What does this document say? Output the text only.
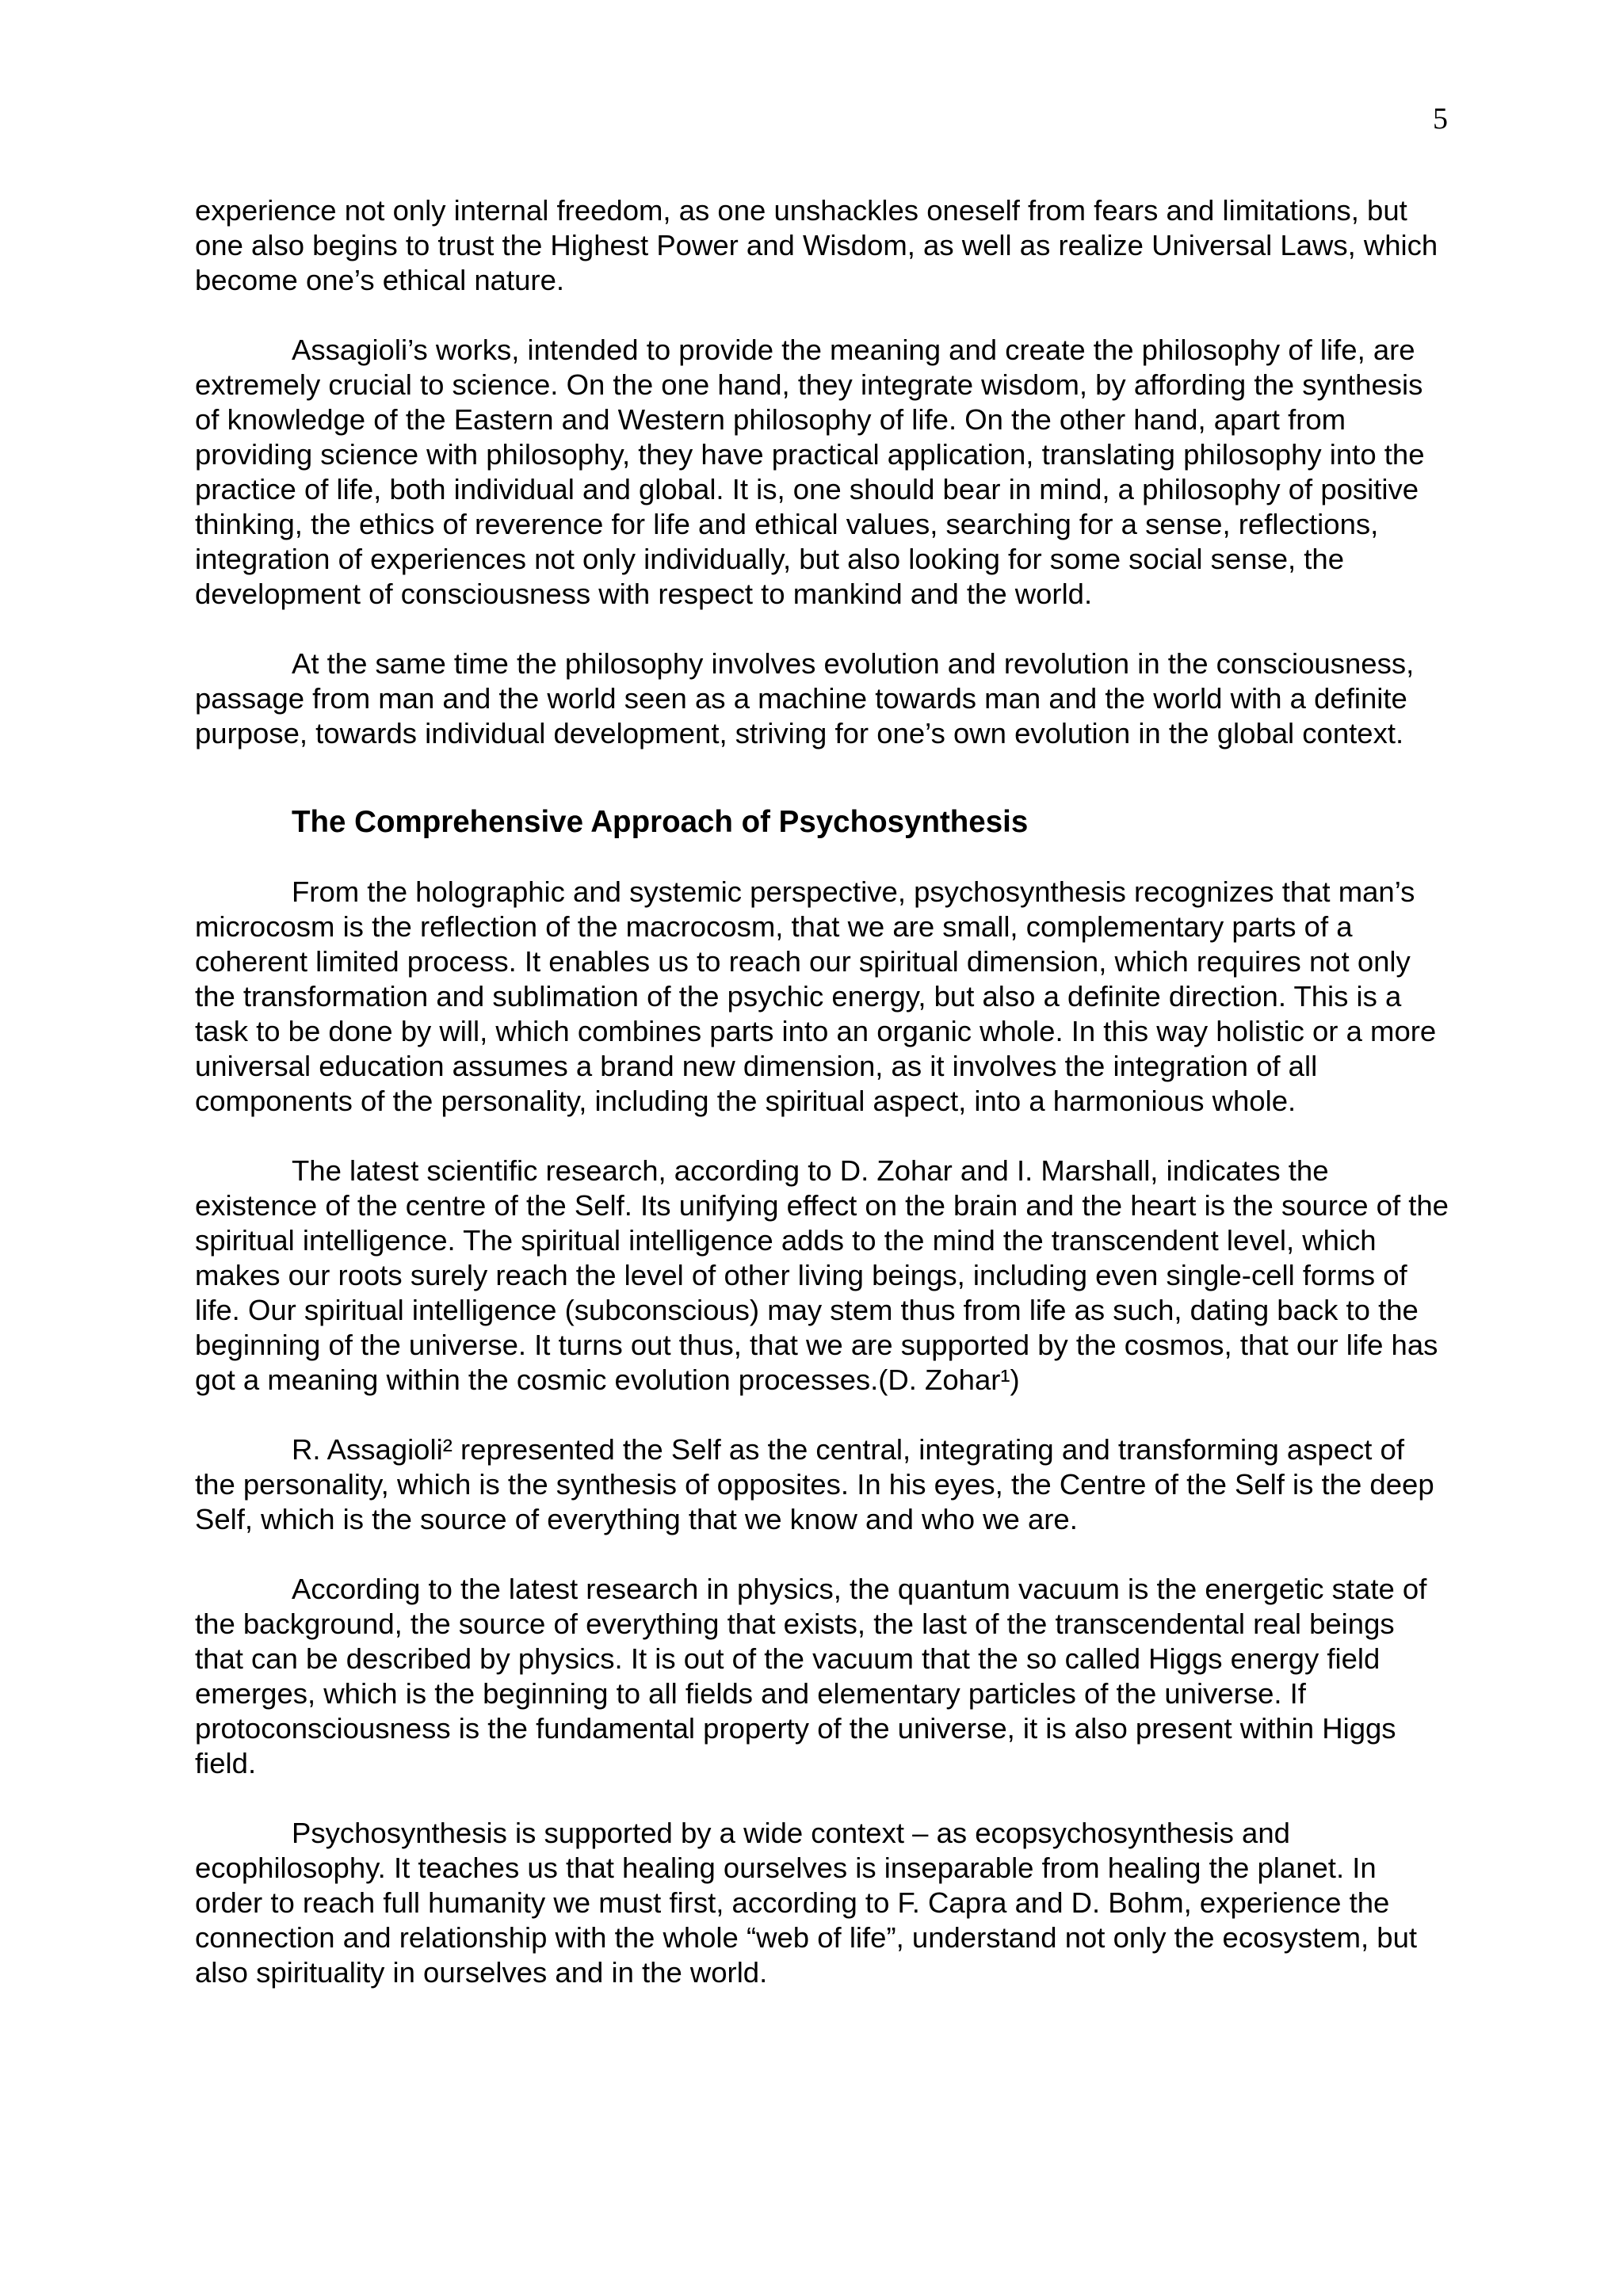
5

experience not only internal freedom, as one unshackles oneself from fears and limitations, but one also begins to trust the Highest Power and Wisdom, as well as realize Universal Laws, which become one’s ethical nature.

Assagioli’s works, intended to provide the meaning and create the philosophy of life, are extremely crucial to science. On the one hand, they integrate wisdom, by affording the synthesis of knowledge of the Eastern and Western philosophy of life. On the other hand, apart from providing science with philosophy, they have practical application, translating philosophy into the practice of life, both individual and global. It is, one should bear in mind, a philosophy of positive thinking, the ethics of reverence for life and ethical values, searching for a sense, reflections, integration of experiences not only individually, but also looking for some social sense, the development of consciousness with respect to mankind and the world.

At the same time the philosophy involves evolution and revolution in the consciousness, passage from man and the world seen as a machine towards man and the world with a definite purpose, towards individual development, striving for one’s own evolution in the global context.

The Comprehensive Approach of Psychosynthesis

From the holographic and systemic perspective, psychosynthesis recognizes that man’s microcosm is the reflection of the macrocosm, that we are small, complementary parts of a coherent limited process. It enables us to reach our spiritual dimension, which requires not only the transformation and sublimation of the psychic energy, but also a definite direction. This is a task to be done by will, which combines parts into an organic whole. In this way holistic or a more universal education assumes a brand new dimension, as it involves the integration of all components of the personality, including the spiritual aspect, into a harmonious whole.

The latest scientific research, according to D. Zohar and I. Marshall, indicates the existence of the centre of the Self. Its unifying effect on the brain and the heart is the source of the spiritual intelligence. The spiritual intelligence adds to the mind the transcendent level, which makes our roots surely reach the level of other living beings, including even single-cell forms of life. Our spiritual intelligence (subconscious) may stem thus from life as such, dating back to the beginning of the universe. It turns out thus, that we are supported by the cosmos, that our life has got a meaning within the cosmic evolution processes.(D. Zohar¹)

R. Assagioli² represented the Self as the central, integrating and transforming aspect of the personality, which is the synthesis of opposites. In his eyes, the Centre of the Self is the deep Self, which is the source of everything that we know and who we are.

According to the latest research in physics, the quantum vacuum is the energetic state of the background, the source of everything that exists, the last of the transcendental real beings that can be described by physics. It is out of the vacuum that the so called Higgs energy field emerges, which is the beginning to all fields and elementary particles of the universe. If protoconsciousness is the fundamental property of the universe, it is also present within Higgs field.

Psychosynthesis is supported by a wide context – as ecopsychosynthesis and ecophilosophy. It teaches us that healing ourselves is inseparable from healing the planet. In order to reach full humanity we must first, according to F. Capra and D. Bohm, experience the connection and relationship with the whole “web of life”, understand not only the ecosystem, but also spirituality in ourselves and in the world.
